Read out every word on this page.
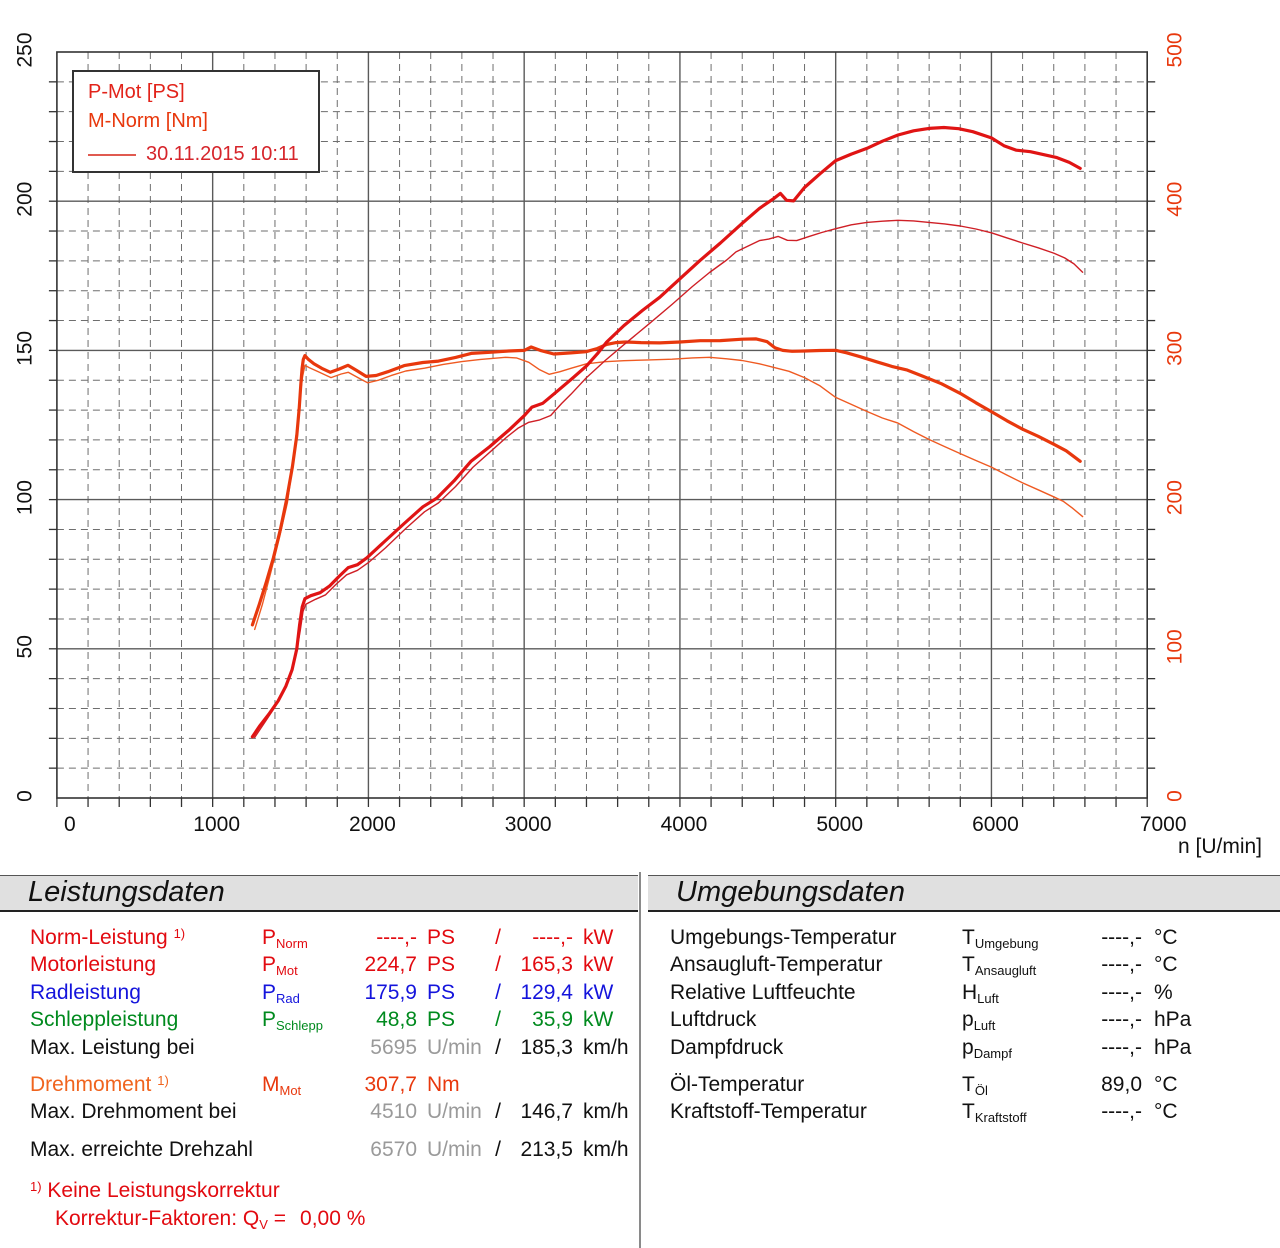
0	1000	2000	3000	4000	5000	6000	7000
0
50
100
150
200
250
0
100
200
300
400
500
n [U/min]
P-Mot [PS]
M-Norm [Nm]
30.11.2015 10:11
Leistungsdaten
Norm-Leistung $^{1)}$	$P_{Norm}$	----,- PS	/	----,- kW
Motorleistung	$P_{Mot}$	224,7 PS	/ 165,3 kW
Radleistung	$P_{Rad}$	175,9 PS	/ 129,4 kW
Schleppleistung	$P_{Schlepp}$	48,8 PS	/	35,9 kW
Max. Leistung bei	5695 U/min / 185,3 km/h
Drehmoment $^{1)}$	$M_{Mot}$	307,7 Nm
Max. Drehmoment bei	4510 U/min / 146,7 km/h
Max. erreichte Drehzahl	6570 U/min / 213,5 km/h
$^{1)}$ Keine Leistungskorrektur
Korrektur-Faktoren: $Q_V = 0,00$ %
Umgebungsdaten
Umgebungs-Temperatur	$T_{Umgebung}$	----,- °C
Ansaugluft-Temperatur	$T_{Ansaugluft}$	----,- °C
Relative Luftfeuchte	$H_{Luft}$	----,- %
Luftdruck	$p_{Luft}$	----,- hPa
Dampfdruck	$p_{Dampf}$	----,- hPa
Öl-Temperatur	$T_{Öl}$	89,0 °C
Kraftstoff-Temperatur	$T_{Kraftstoff}$	----,- °C
